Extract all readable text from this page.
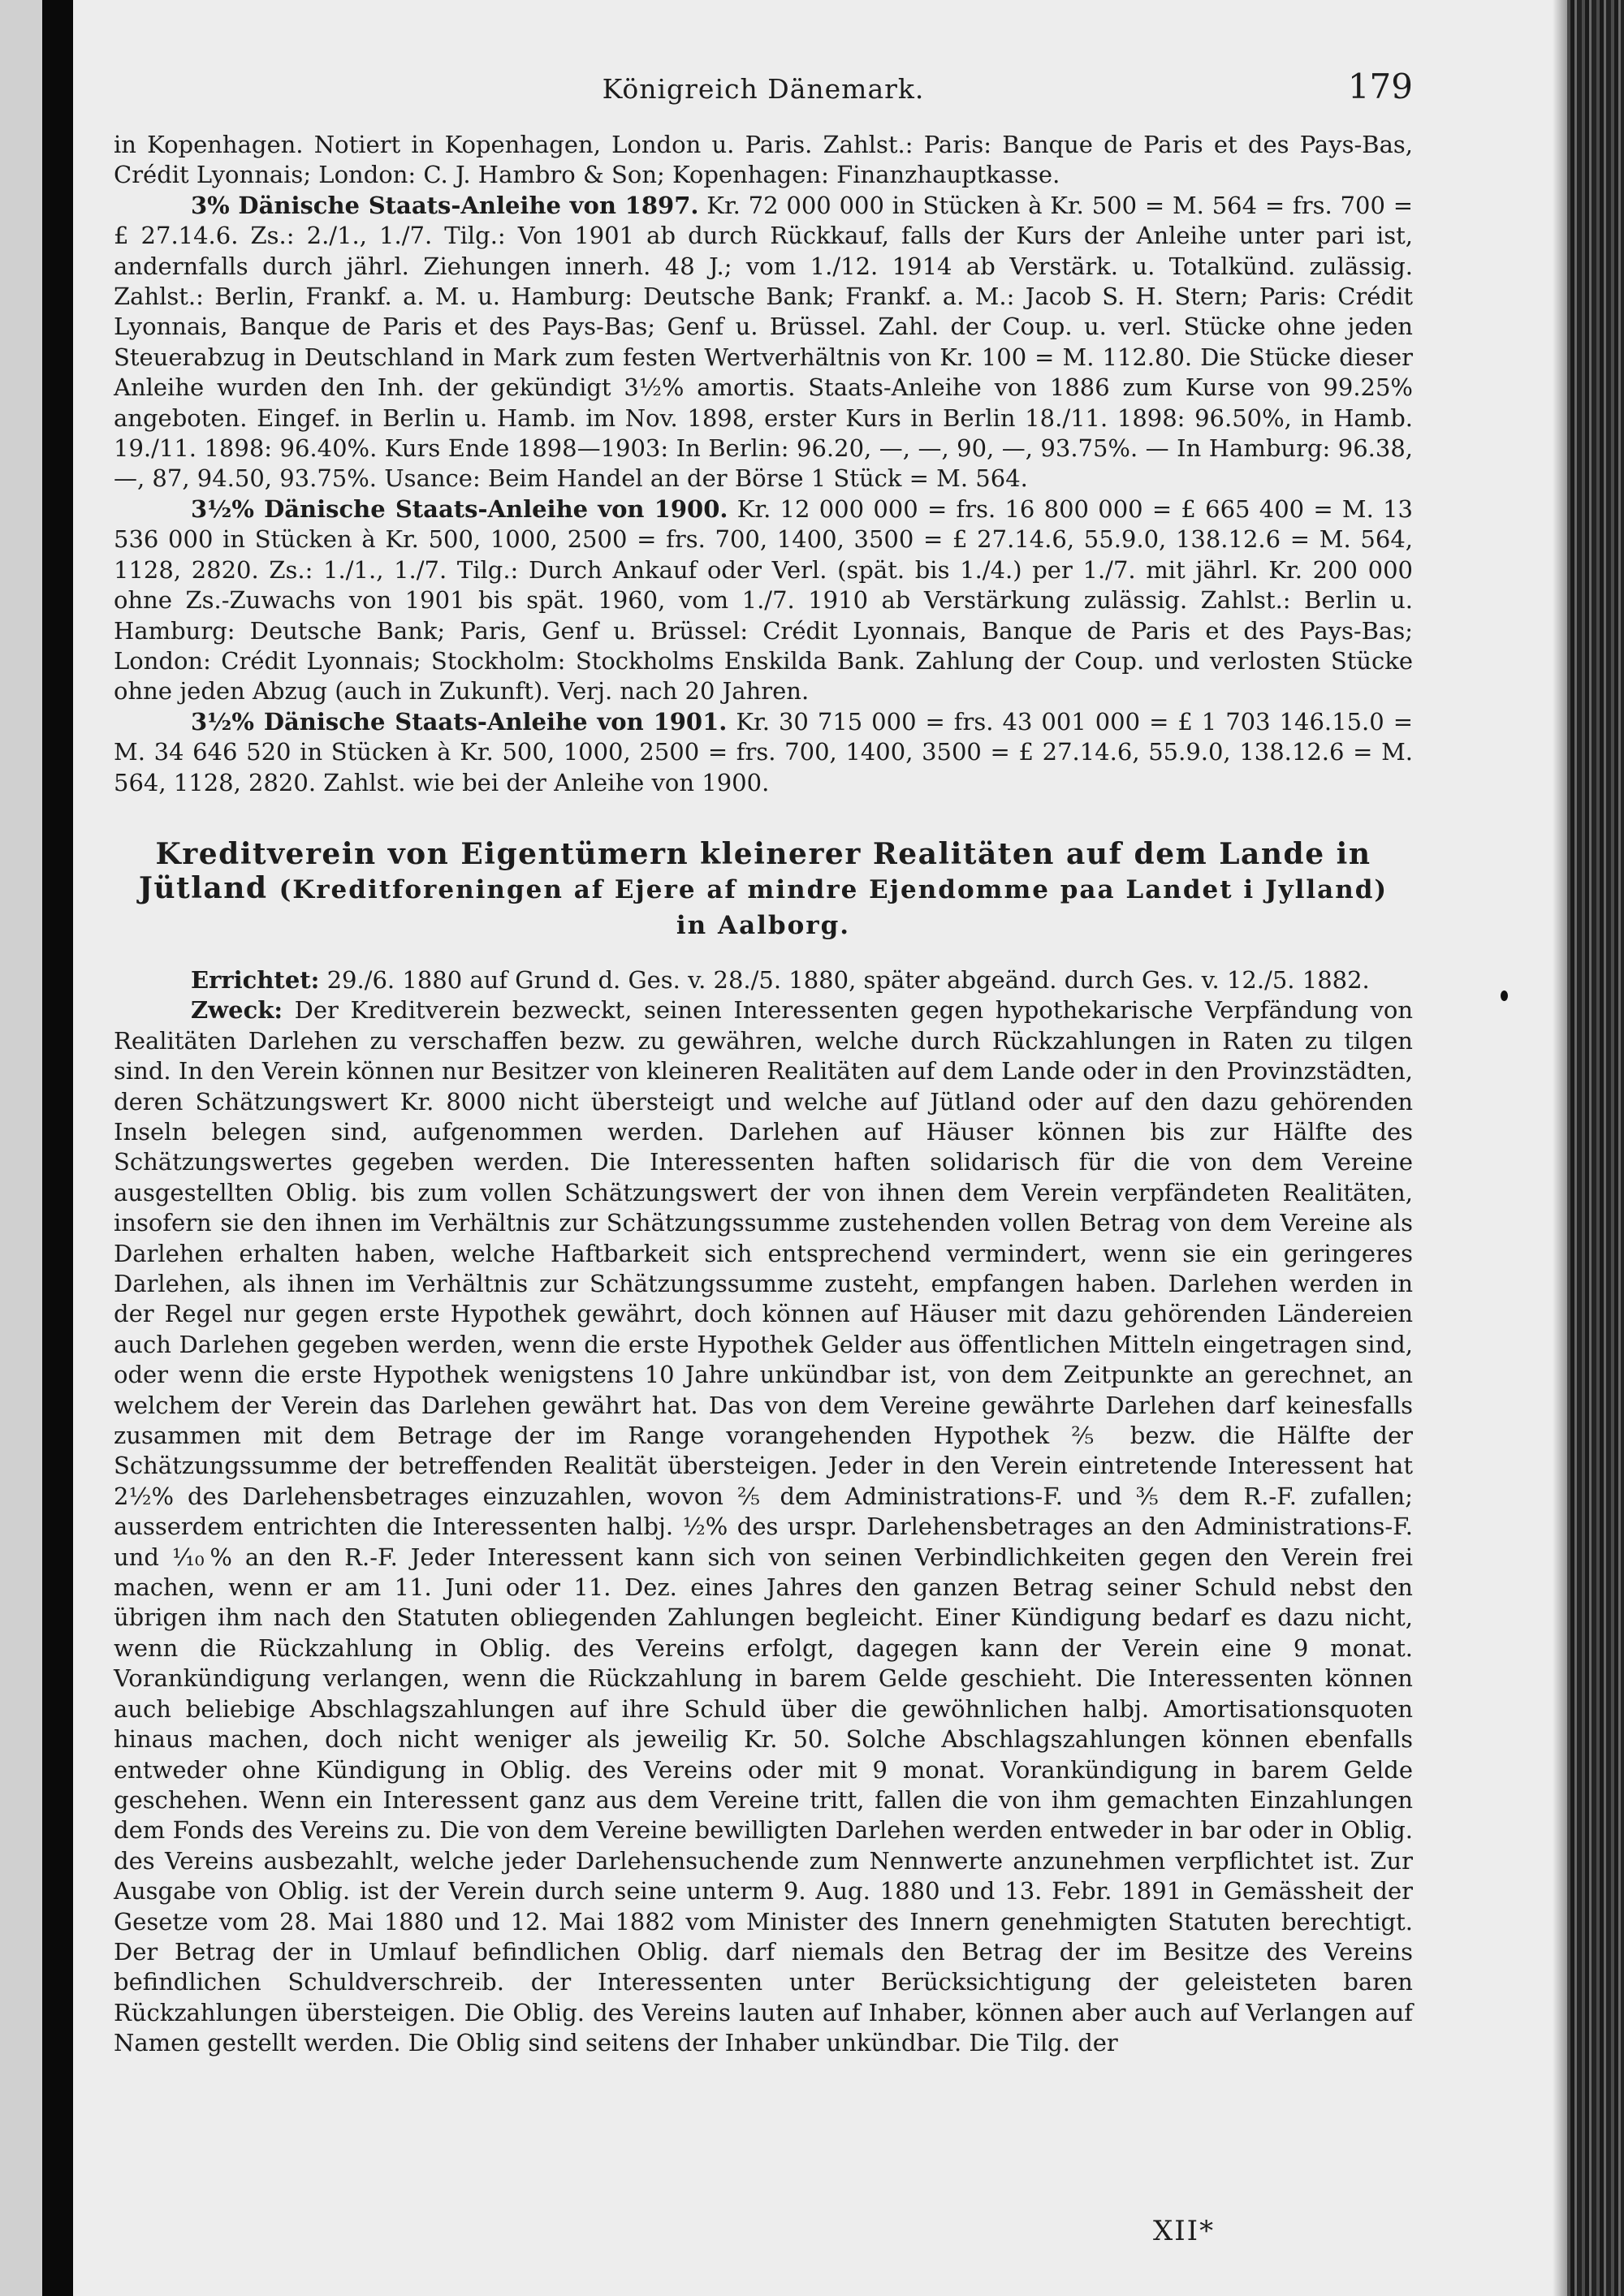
Königreich Dänemark.	179

in Kopenhagen. Notiert in Kopenhagen, London u. Paris. Zahlst.: Paris: Banque de Paris et des Pays-Bas, Crédit Lyonnais; London: C. J. Hambro & Son; Kopenhagen: Finanzhauptkasse.

3% Dänische Staats-Anleihe von 1897. Kr. 72 000 000 in Stücken à Kr. 500 = M. 564 = frs. 700 = £ 27.14.6. Zs.: 2./1., 1./7. Tilg.: Von 1901 ab durch Rückkauf, falls der Kurs der Anleihe unter pari ist, andernfalls durch jährl. Ziehungen innerh. 48 J.; vom 1./12. 1914 ab Verstärk. u. Totalkünd. zulässig. Zahlst.: Berlin, Frankf. a. M. u. Hamburg: Deutsche Bank; Frankf. a. M.: Jacob S. H. Stern; Paris: Crédit Lyonnais, Banque de Paris et des Pays-Bas; Genf u. Brüssel. Zahl. der Coup. u. verl. Stücke ohne jeden Steuerabzug in Deutschland in Mark zum festen Wertverhältnis von Kr. 100 = M. 112.80. Die Stücke dieser Anleihe wurden den Inh. der gekündigt 3½% amortis. Staats-Anleihe von 1886 zum Kurse von 99.25% angeboten. Eingef. in Berlin u. Hamb. im Nov. 1898, erster Kurs in Berlin 18./11. 1898: 96.50%, in Hamb. 19./11. 1898: 96.40%. Kurs Ende 1898—1903: In Berlin: 96.20, —, —, 90, —, 93.75%. — In Hamburg: 96.38, —, 87, 94.50, 93.75%. Usance: Beim Handel an der Börse 1 Stück = M. 564.

3½% Dänische Staats-Anleihe von 1900. Kr. 12 000 000 = frs. 16 800 000 = £ 665 400 = M. 13 536 000 in Stücken à Kr. 500, 1000, 2500 = frs. 700, 1400, 3500 = £ 27.14.6, 55.9.0, 138.12.6 = M. 564, 1128, 2820. Zs.: 1./1., 1./7. Tilg.: Durch Ankauf oder Verl. (spät. bis 1./4.) per 1./7. mit jährl. Kr. 200 000 ohne Zs.-Zuwachs von 1901 bis spät. 1960, vom 1./7. 1910 ab Verstärkung zulässig. Zahlst.: Berlin u. Hamburg: Deutsche Bank; Paris, Genf u. Brüssel: Crédit Lyonnais, Banque de Paris et des Pays-Bas; London: Crédit Lyonnais; Stockholm: Stockholms Enskilda Bank. Zahlung der Coup. und verlosten Stücke ohne jeden Abzug (auch in Zukunft). Verj. nach 20 Jahren.

3½% Dänische Staats-Anleihe von 1901. Kr. 30 715 000 = frs. 43 001 000 = £ 1 703 146.15.0 = M. 34 646 520 in Stücken à Kr. 500, 1000, 2500 = frs. 700, 1400, 3500 = £ 27.14.6, 55.9.0, 138.12.6 = M. 564, 1128, 2820. Zahlst. wie bei der Anleihe von 1900.

Kreditverein von Eigentümern kleinerer Realitäten auf dem Lande in Jütland (Kreditforeningen af Ejere af mindre Ejendomme paa Landet i Jylland)
in Aalborg.

Errichtet: 29./6. 1880 auf Grund d. Ges. v. 28./5. 1880, später abgeänd. durch Ges. v. 12./5. 1882.

Zweck: Der Kreditverein bezweckt, seinen Interessenten gegen hypothekarische Verpfändung von Realitäten Darlehen zu verschaffen bezw. zu gewähren, welche durch Rückzahlungen in Raten zu tilgen sind. In den Verein können nur Besitzer von kleineren Realitäten auf dem Lande oder in den Provinzstädten, deren Schätzungswert Kr. 8000 nicht übersteigt und welche auf Jütland oder auf den dazu gehörenden Inseln belegen sind, aufgenommen werden. Darlehen auf Häuser können bis zur Hälfte des Schätzungswertes gegeben werden. Die Interessenten haften solidarisch für die von dem Vereine ausgestellten Oblig. bis zum vollen Schätzungswert der von ihnen dem Verein verpfändeten Realitäten, insofern sie den ihnen im Verhältnis zur Schätzungssumme zustehenden vollen Betrag von dem Vereine als Darlehen erhalten haben, welche Haftbarkeit sich entsprechend vermindert, wenn sie ein geringeres Darlehen, als ihnen im Verhältnis zur Schätzungssumme zusteht, empfangen haben. Darlehen werden in der Regel nur gegen erste Hypothek gewährt, doch können auf Häuser mit dazu gehörenden Ländereien auch Darlehen gegeben werden, wenn die erste Hypothek Gelder aus öffentlichen Mitteln eingetragen sind, oder wenn die erste Hypothek wenigstens 10 Jahre unkündbar ist, von dem Zeitpunkte an gerechnet, an welchem der Verein das Darlehen gewährt hat. Das von dem Vereine gewährte Darlehen darf keinesfalls zusammen mit dem Betrage der im Range vorangehenden Hypothek ⅖ bezw. die Hälfte der Schätzungssumme der betreffenden Realität übersteigen. Jeder in den Verein eintretende Interessent hat 2½% des Darlehensbetrages einzuzahlen, wovon ⅖ dem Administrations-F. und ⅗ dem R.-F. zufallen; ausserdem entrichten die Interessenten halbj. ½% des urspr. Darlehensbetrages an den Administrations-F. und ⅒% an den R.-F. Jeder Interessent kann sich von seinen Verbindlichkeiten gegen den Verein frei machen, wenn er am 11. Juni oder 11. Dez. eines Jahres den ganzen Betrag seiner Schuld nebst den übrigen ihm nach den Statuten obliegenden Zahlungen begleicht. Einer Kündigung bedarf es dazu nicht, wenn die Rückzahlung in Oblig. des Vereins erfolgt, dagegen kann der Verein eine 9 monat. Vorankündigung verlangen, wenn die Rückzahlung in barem Gelde geschieht. Die Interessenten können auch beliebige Abschlagszahlungen auf ihre Schuld über die gewöhnlichen halbj. Amortisationsquoten hinaus machen, doch nicht weniger als jeweilig Kr. 50. Solche Abschlagszahlungen können ebenfalls entweder ohne Kündigung in Oblig. des Vereins oder mit 9 monat. Vorankündigung in barem Gelde geschehen. Wenn ein Interessent ganz aus dem Vereine tritt, fallen die von ihm gemachten Einzahlungen dem Fonds des Vereins zu. Die von dem Vereine bewilligten Darlehen werden entweder in bar oder in Oblig. des Vereins ausbezahlt, welche jeder Darlehensuchende zum Nennwerte anzunehmen verpflichtet ist. Zur Ausgabe von Oblig. ist der Verein durch seine unterm 9. Aug. 1880 und 13. Febr. 1891 in Gemässheit der Gesetze vom 28. Mai 1880 und 12. Mai 1882 vom Minister des Innern genehmigten Statuten berechtigt. Der Betrag der in Umlauf befindlichen Oblig. darf niemals den Betrag der im Besitze des Vereins befindlichen Schuldverschreib. der Interessenten unter Berücksichtigung der geleisteten baren Rückzahlungen übersteigen. Die Oblig. des Vereins lauten auf Inhaber, können aber auch auf Verlangen auf Namen gestellt werden. Die Oblig sind seitens der Inhaber unkündbar. Die Tilg. der

XII*
